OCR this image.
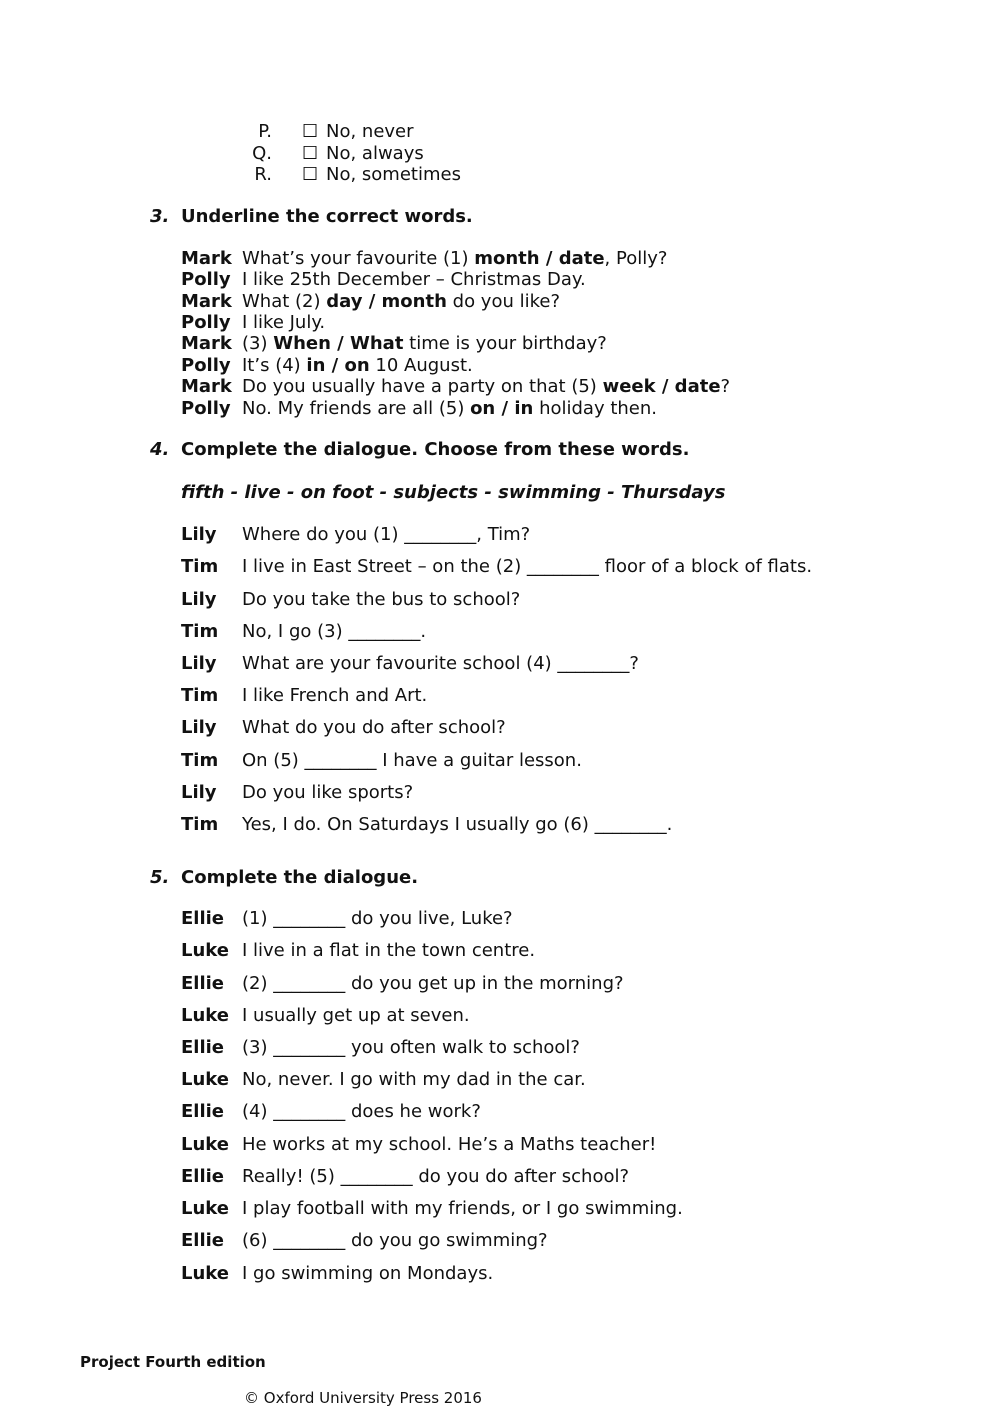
P. ☐ No, never
Q. ☐ No, always
R. ☐ No, sometimes
3. Underline the correct words.
Mark What’s your favourite (1) month / date, Polly?
Polly I like 25th December – Christmas Day.
Mark What (2) day / month do you like?
Polly I like July.
Mark (3) When / What time is your birthday?
Polly It’s (4) in / on 10 August.
Mark Do you usually have a party on that (5) week / date?
Polly No. My friends are all (5) on / in holiday then.
4. Complete the dialogue. Choose from these words.
fifth - live - on foot - subjects - swimming - Thursdays
Lily Where do you (1) ________, Tim?
Tim I live in East Street – on the (2) ________ floor of a block of flats.
Lily Do you take the bus to school?
Tim No, I go (3) ________.
Lily What are your favourite school (4) ________?
Tim I like French and Art.
Lily What do you do after school?
Tim On (5) ________ I have a guitar lesson.
Lily Do you like sports?
Tim Yes, I do. On Saturdays I usually go (6) ________.
5. Complete the dialogue.
Ellie (1) ________ do you live, Luke?
Luke I live in a flat in the town centre.
Ellie (2) ________ do you get up in the morning?
Luke I usually get up at seven.
Ellie (3) ________ you often walk to school?
Luke No, never. I go with my dad in the car.
Ellie (4) ________ does he work?
Luke He works at my school. He’s a Maths teacher!
Ellie Really! (5) ________ do you do after school?
Luke I play football with my friends, or I go swimming.
Ellie (6) ________ do you go swimming?
Luke I go swimming on Mondays.
Project Fourth edition
© Oxford University Press 2016
